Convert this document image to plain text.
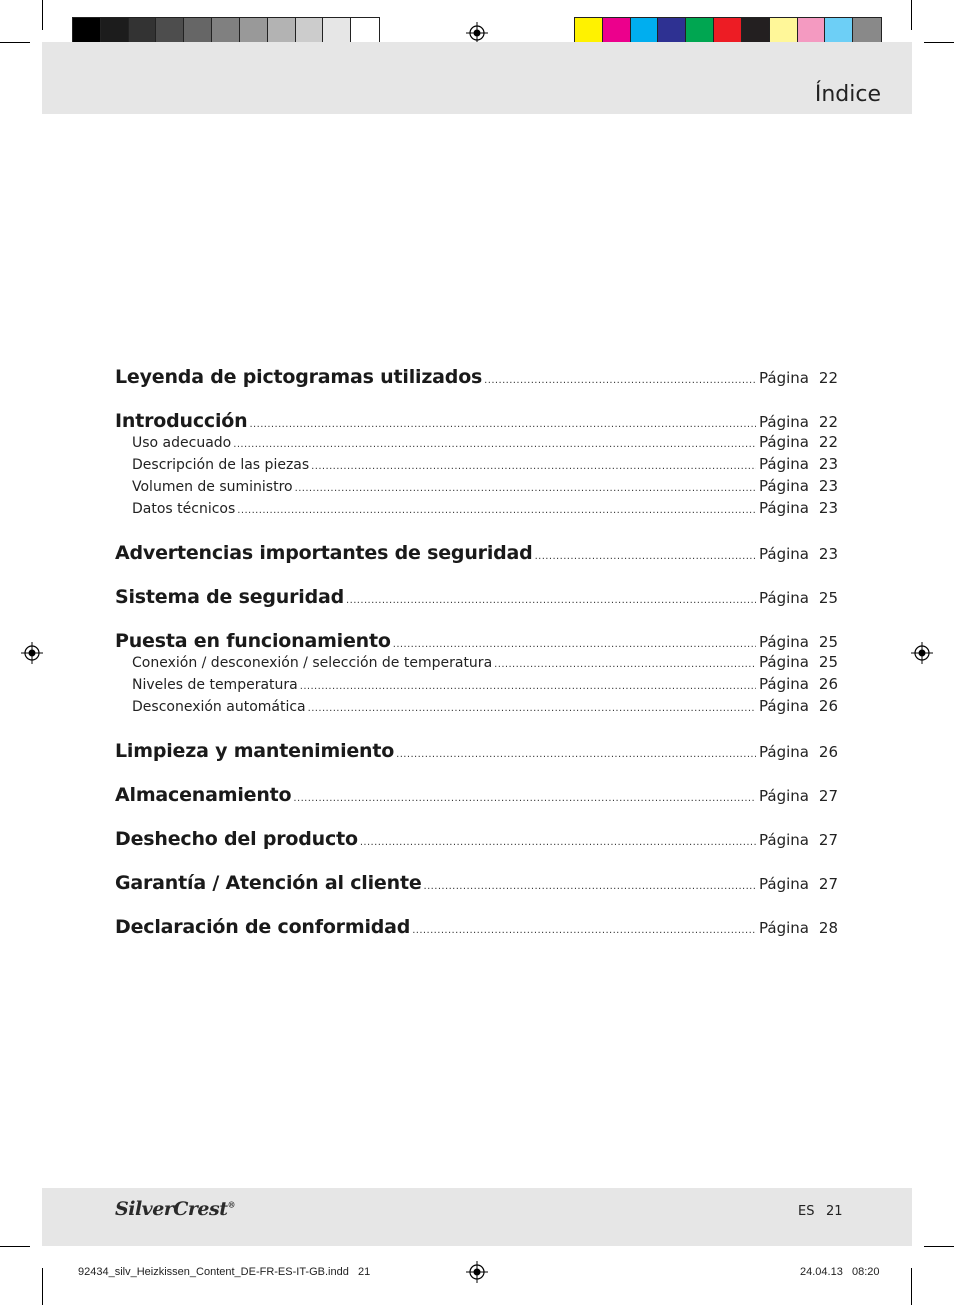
Índice
Leyenda de pictogramas utilizados .....	Página 22
Introducción .....	Página 22
Uso adecuado .....	Página 22
Descripción de las piezas .....	Página 23
Volumen de suministro .....	Página 23
Datos técnicos .....	Página 23
Advertencias importantes de seguridad .....	Página 23
Sistema de seguridad .....	Página 25
Puesta en funcionamiento .....	Página 25
Conexión / desconexión / selección de temperatura .....	Página 25
Niveles de temperatura .....	Página 26
Desconexión automática .....	Página 26
Limpieza y mantenimiento .....	Página 26
Almacenamiento .....	Página 27
Deshecho del producto .....	Página 27
Garantía / Atención al cliente .....	Página 27
Declaración de conformidad .....	Página 28
SilverCrest®	ES 21
92434_silv_Heizkissen_Content_DE-FR-ES-IT-GB.indd   21	24.04.13   08:20
